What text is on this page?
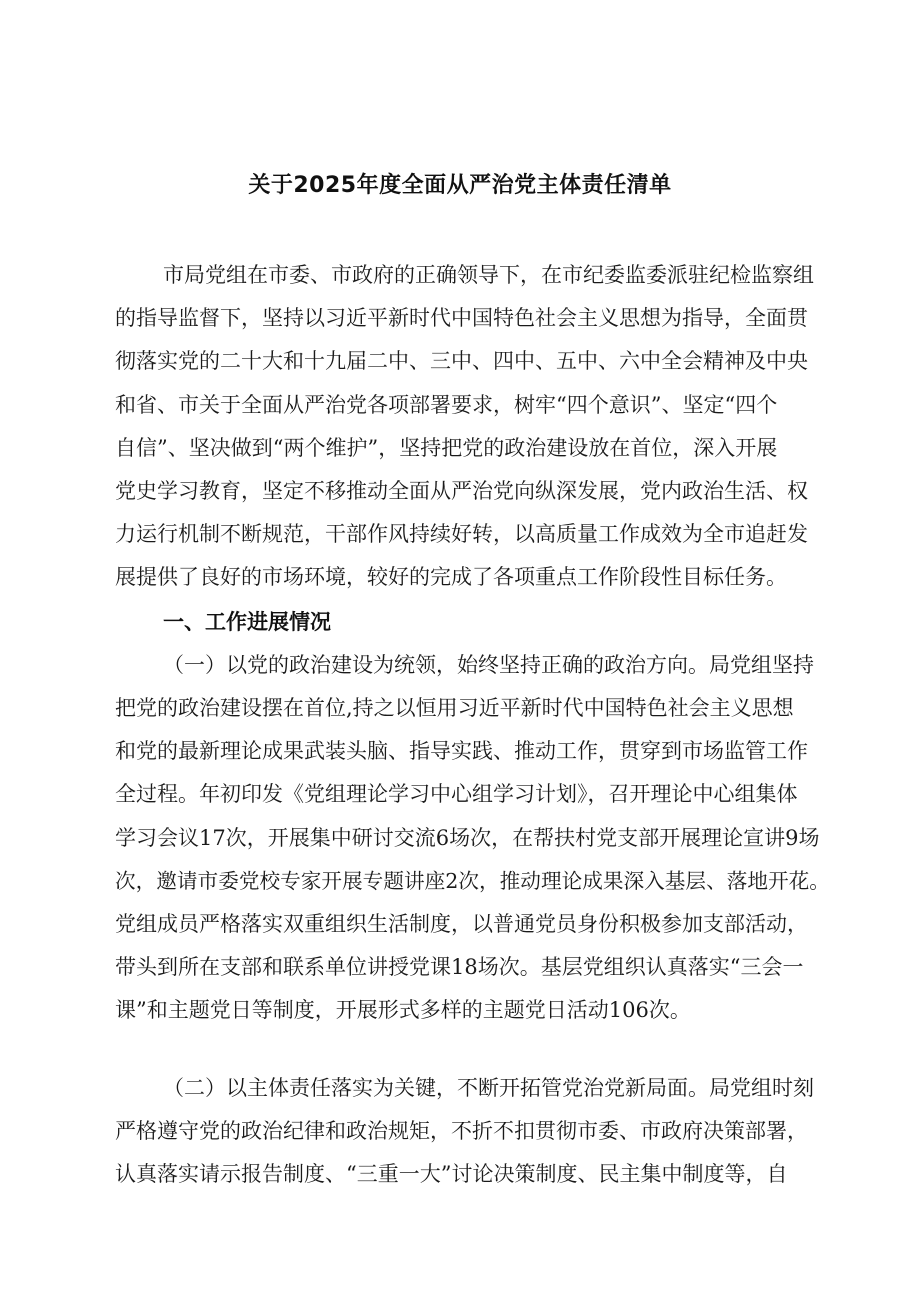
关于2025年度全面从严治党主体责任清单
市局党组在市委、市政府的正确领导下，在市纪委监委派驻纪检监察组
的指导监督下，坚持以习近平新时代中国特色社会主义思想为指导，全面贯
彻落实党的二十大和十九届二中、三中、四中、五中、六中全会精神及中央
和省、市关于全面从严治党各项部署要求，树牢“四个意识”、坚定“四个
自信”、坚决做到“两个维护”，坚持把党的政治建设放在首位，深入开展
党史学习教育，坚定不移推动全面从严治党向纵深发展，党内政治生活、权
力运行机制不断规范，干部作风持续好转，以高质量工作成效为全市追赶发
展提供了良好的市场环境，较好的完成了各项重点工作阶段性目标任务。
一、工作进展情况
（一）以党的政治建设为统领，始终坚持正确的政治方向。局党组坚持
把党的政治建设摆在首位,持之以恒用习近平新时代中国特色社会主义思想
和党的最新理论成果武装头脑、指导实践、推动工作，贯穿到市场监管工作
全过程。年初印发《党组理论学习中心组学习计划》，召开理论中心组集体
学习会议17次，开展集中研讨交流6场次，在帮扶村党支部开展理论宣讲9场
次，邀请市委党校专家开展专题讲座2次，推动理论成果深入基层、落地开花。
党组成员严格落实双重组织生活制度，以普通党员身份积极参加支部活动，
带头到所在支部和联系单位讲授党课18场次。基层党组织认真落实“三会一
课”和主题党日等制度，开展形式多样的主题党日活动106次。
（二）以主体责任落实为关键，不断开拓管党治党新局面。局党组时刻
严格遵守党的政治纪律和政治规矩，不折不扣贯彻市委、市政府决策部署，
认真落实请示报告制度、“三重一大”讨论决策制度、民主集中制度等，自
